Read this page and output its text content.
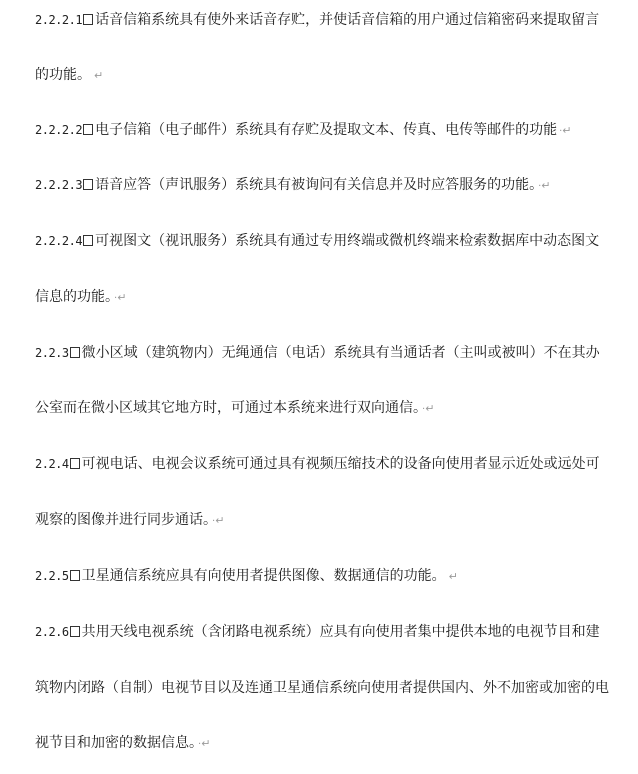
2.2.2.1 话音信箱系统具有使外来话音存贮，并使话音信箱的用户通过信箱密码来提取留言
的功能。 ↵
2.2.2.2 电子信箱（电子邮件）系统具有存贮及提取文本、传真、电传等邮件的功能 ·↵
2.2.2.3 语音应答（声讯服务）系统具有被询问有关信息并及时应答服务的功能。 ·↵
2.2.2.4 可视图文（视讯服务）系统具有通过专用终端或微机终端来检索数据库中动态图文
信息的功能。 ·↵
2.2.3 微小区域（建筑物内）无绳通信（电话）系统具有当通话者（主叫或被叫）不在其办
公室而在微小区域其它地方时，可通过本系统来进行双向通信。 ·↵
2.2.4 可视电话、电视会议系统可通过具有视频压缩技术的设备向使用者显示近处或远处可
观察的图像并进行同步通话。 ·↵
2.2.5 卫星通信系统应具有向使用者提供图像、数据通信的功能。 ↵
2.2.6 共用天线电视系统（含闭路电视系统）应具有向使用者集中提供本地的电视节目和建
筑物内闭路（自制）电视节目以及连通卫星通信系统向使用者提供国内、外不加密或加密的电
视节目和加密的数据信息。 ·↵
